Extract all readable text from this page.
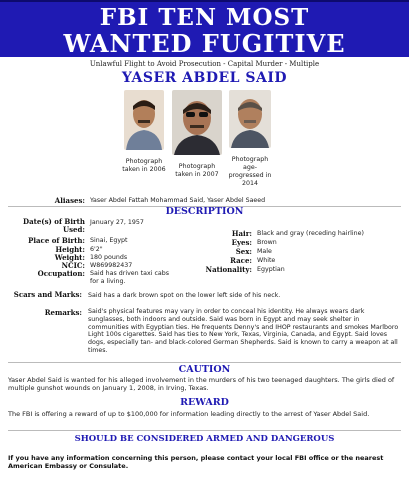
FBI TEN MOST
WANTED FUGITIVE
Unlawful Flight to Avoid Prosecution - Capital Murder - Multiple
YASER ABDEL SAID
Photograph taken in 2006	Photograph taken in 2007
Photograph age-progressed in 2014
Aliases: Yaser Abdel Fattah Mohammad Said, Yaser Abdel Saeed
DESCRIPTION
Date(s) of Birth Used:
January 27, 1957
Place of Birth: Sinai, Egypt
Height: 6'2"
Weight: 180 pounds
NCIC: W869982437
Occupation: Said has driven taxi cabs for a living.
Hair: Black and gray (receding hairline)
Eyes: Brown
Sex: Male
Race: White
Nationality: Egyptian
Scars and Marks: Said has a dark brown spot on the lower left side of his neck.
Remarks: Said's physical features may vary in order to conceal his identity. He always wears dark sunglasses, both indoors and outside. Said was born in Egypt and may seek shelter in communities with Egyptian ties. He frequents Denny's and IHOP restaurants and smokes Marlboro Light 100s cigarettes. Said has ties to New York, Texas, Virginia, Canada, and Egypt. Said loves dogs, especially tan- and black-colored German Shepherds. Said is known to carry a weapon at all times.
CAUTION
Yaser Abdel Said is wanted for his alleged involvement in the murders of his two teenaged daughters. The girls died of multiple gunshot wounds on January 1, 2008, in Irving, Texas.
REWARD
The FBI is offering a reward of up to $100,000 for information leading directly to the arrest of Yaser Abdel Said.
SHOULD BE CONSIDERED ARMED AND DANGEROUS
If you have any information concerning this person, please contact your local FBI office or the nearest American Embassy or Consulate.
